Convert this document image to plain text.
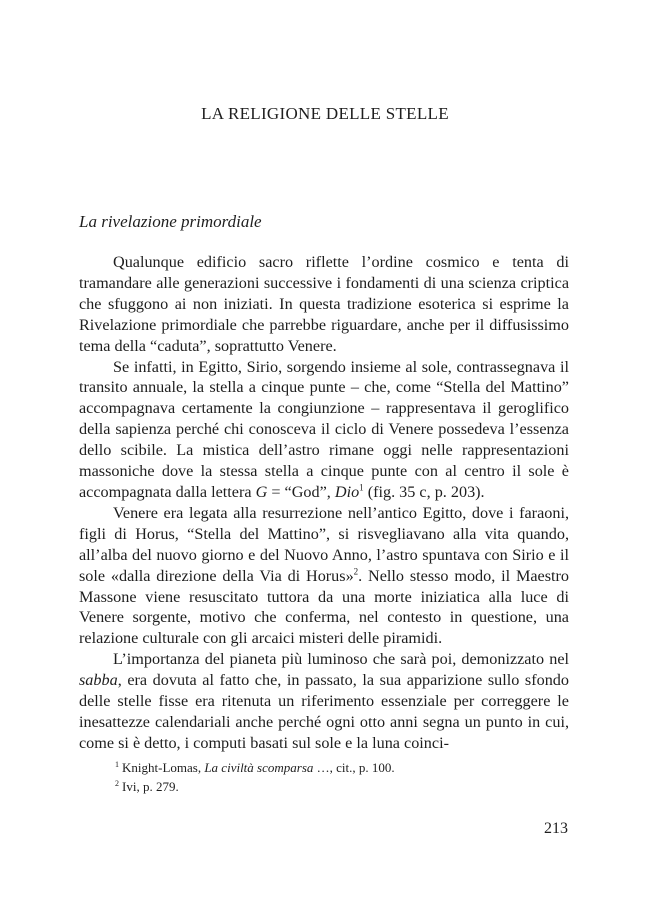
LA RELIGIONE DELLE STELLE
La rivelazione primordiale

Qualunque edificio sacro riflette l’ordine cosmico e tenta di tramandare alle generazioni successive i fondamenti di una scienza criptica che sfuggono ai non iniziati. In questa tradizione esoterica si esprime la Rivelazione primordiale che parrebbe riguardare, anche per il diffusissimo tema della “caduta”, soprattutto Venere.

Se infatti, in Egitto, Sirio, sorgendo insieme al sole, contrassegnava il transito annuale, la stella a cinque punte – che, come “Stella del Mattino” accompagnava certamente la congiunzione – rappresentava il geroglifico della sapienza perché chi conosceva il ciclo di Venere possedeva l’essenza dello scibile. La mistica dell’astro rimane oggi nelle rappresentazioni massoniche dove la stessa stella a cinque punte con al centro il sole è accompagnata dalla lettera G = “God”, Dio$^1$ (fig. 35 c, p. 203).

Venere era legata alla resurrezione nell’antico Egitto, dove i faraoni, figli di Horus, “Stella del Mattino”, si risvegliavano alla vita quando, all’alba del nuovo giorno e del Nuovo Anno, l’astro spuntava con Sirio e il sole «dalla direzione della Via di Horus»$^2$. Nello stesso modo, il Maestro Massone viene resuscitato tuttora da una morte iniziatica alla luce di Venere sorgente, motivo che conferma, nel contesto in questione, una relazione culturale con gli arcaici misteri delle piramidi.

L’importanza del pianeta più luminoso che sarà poi, demonizzato nel sabba, era dovuta al fatto che, in passato, la sua apparizione sullo sfondo delle stelle fisse era ritenuta un riferimento essenziale per correggere le inesattezze calendariali anche perché ogni otto anni segna un punto in cui, come si è detto, i computi basati sul sole e la luna coinci-

$^1$ Knight-Lomas, La civiltà scomparsa …, cit., p. 100.
$^2$ Ivi, p. 279.
213
